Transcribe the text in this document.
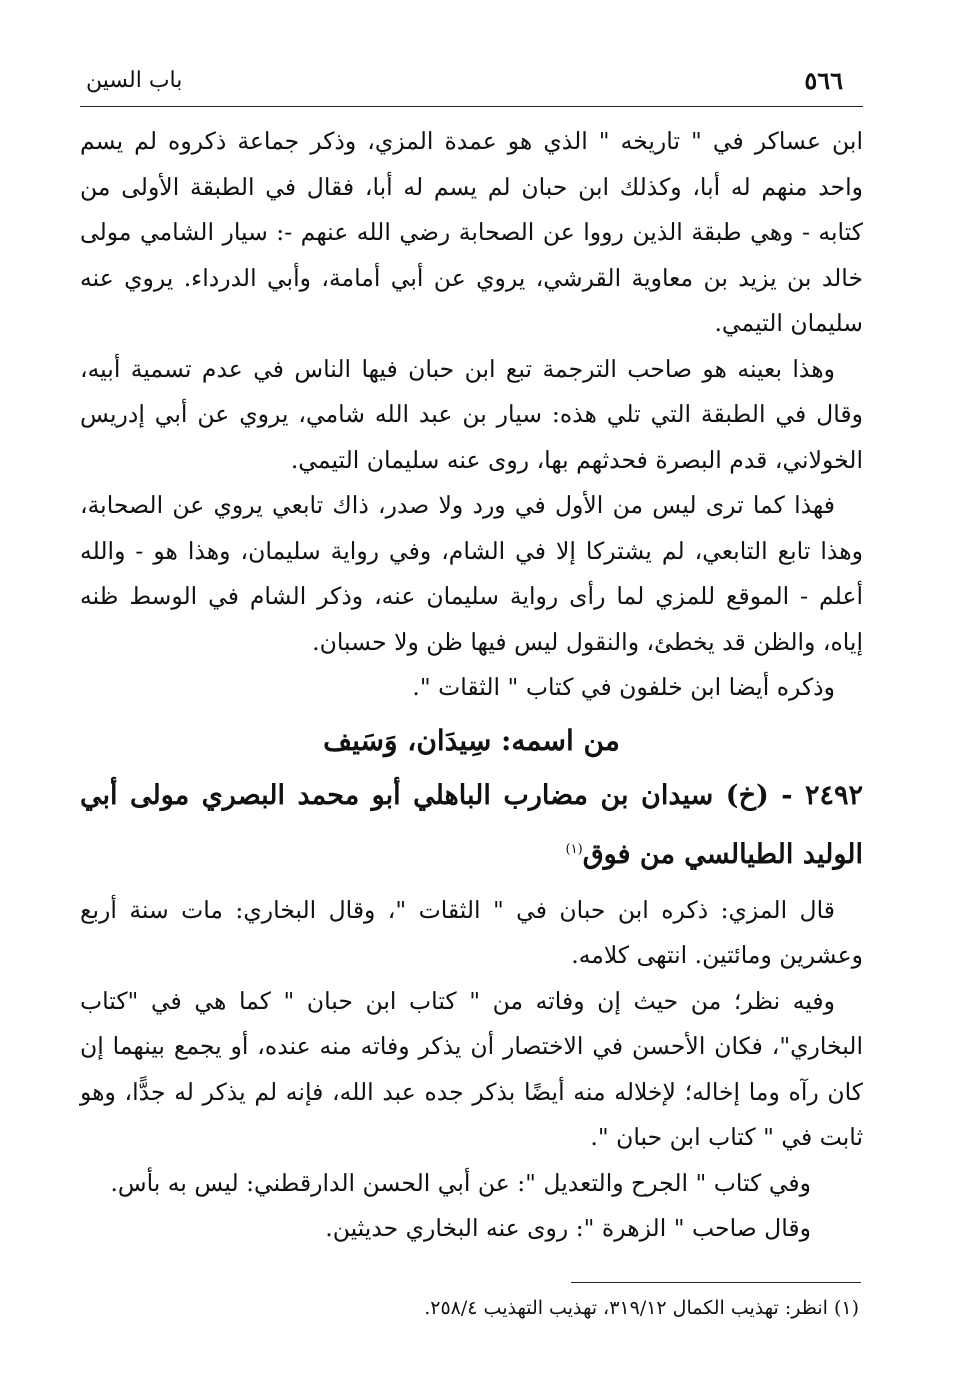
٥٦٦
باب السين

ابن عساكر في " تاريخه " الذي هو عمدة المزي، وذكر جماعة ذكروه لم يسم واحد منهم له أبا، وكذلك ابن حبان لم يسم له أبا، فقال في الطبقة الأولى من كتابه - وهي طبقة الذين رووا عن الصحابة رضي الله عنهم -: سيار الشامي مولى خالد بن يزيد بن معاوية القرشي، يروي عن أبي أمامة، وأبي الدرداء. يروي عنه سليمان التيمي.

وهذا بعينه هو صاحب الترجمة تبع ابن حبان فيها الناس في عدم تسمية أبيه، وقال في الطبقة التي تلي هذه: سيار بن عبد الله شامي، يروي عن أبي إدريس الخولاني، قدم البصرة فحدثهم بها، روى عنه سليمان التيمي.

فهذا كما ترى ليس من الأول في ورد ولا صدر، ذاك تابعي يروي عن الصحابة، وهذا تابع التابعي، لم يشتركا إلا في الشام، وفي رواية سليمان، وهذا هو - والله أعلم - الموقع للمزي لما رأى رواية سليمان عنه، وذكر الشام في الوسط ظنه إياه، والظن قد يخطئ، والنقول ليس فيها ظن ولا حسبان.

وذكره أيضا ابن خلفون في كتاب " الثقات ".

من اسمه: سِيدَان، وَسَيف
٢٤٩٢ - (خ) سيدان بن مضارب الباهلي أبو محمد البصري مولى أبي الوليد الطيالسي من فوق$^{(١)}$

قال المزي: ذكره ابن حبان في " الثقات "، وقال البخاري: مات سنة أربع وعشرين ومائتين. انتهى كلامه.

وفيه نظر؛ من حيث إن وفاته من " كتاب ابن حبان " كما هي في "كتاب البخاري"، فكان الأحسن في الاختصار أن يذكر وفاته منه عنده، أو يجمع بينهما إن كان رآه وما إخاله؛ لإخلاله منه أيضًا بذكر جده عبد الله، فإنه لم يذكر له جدًّا، وهو ثابت في " كتاب ابن حبان ".

وفي كتاب " الجرح والتعديل ": عن أبي الحسن الدارقطني: ليس به بأس.

وقال صاحب " الزهرة ": روى عنه البخاري حديثين.

(١) انظر: تهذيب الكمال ٣١٩/١٢، تهذيب التهذيب ٢٥٨/٤.
